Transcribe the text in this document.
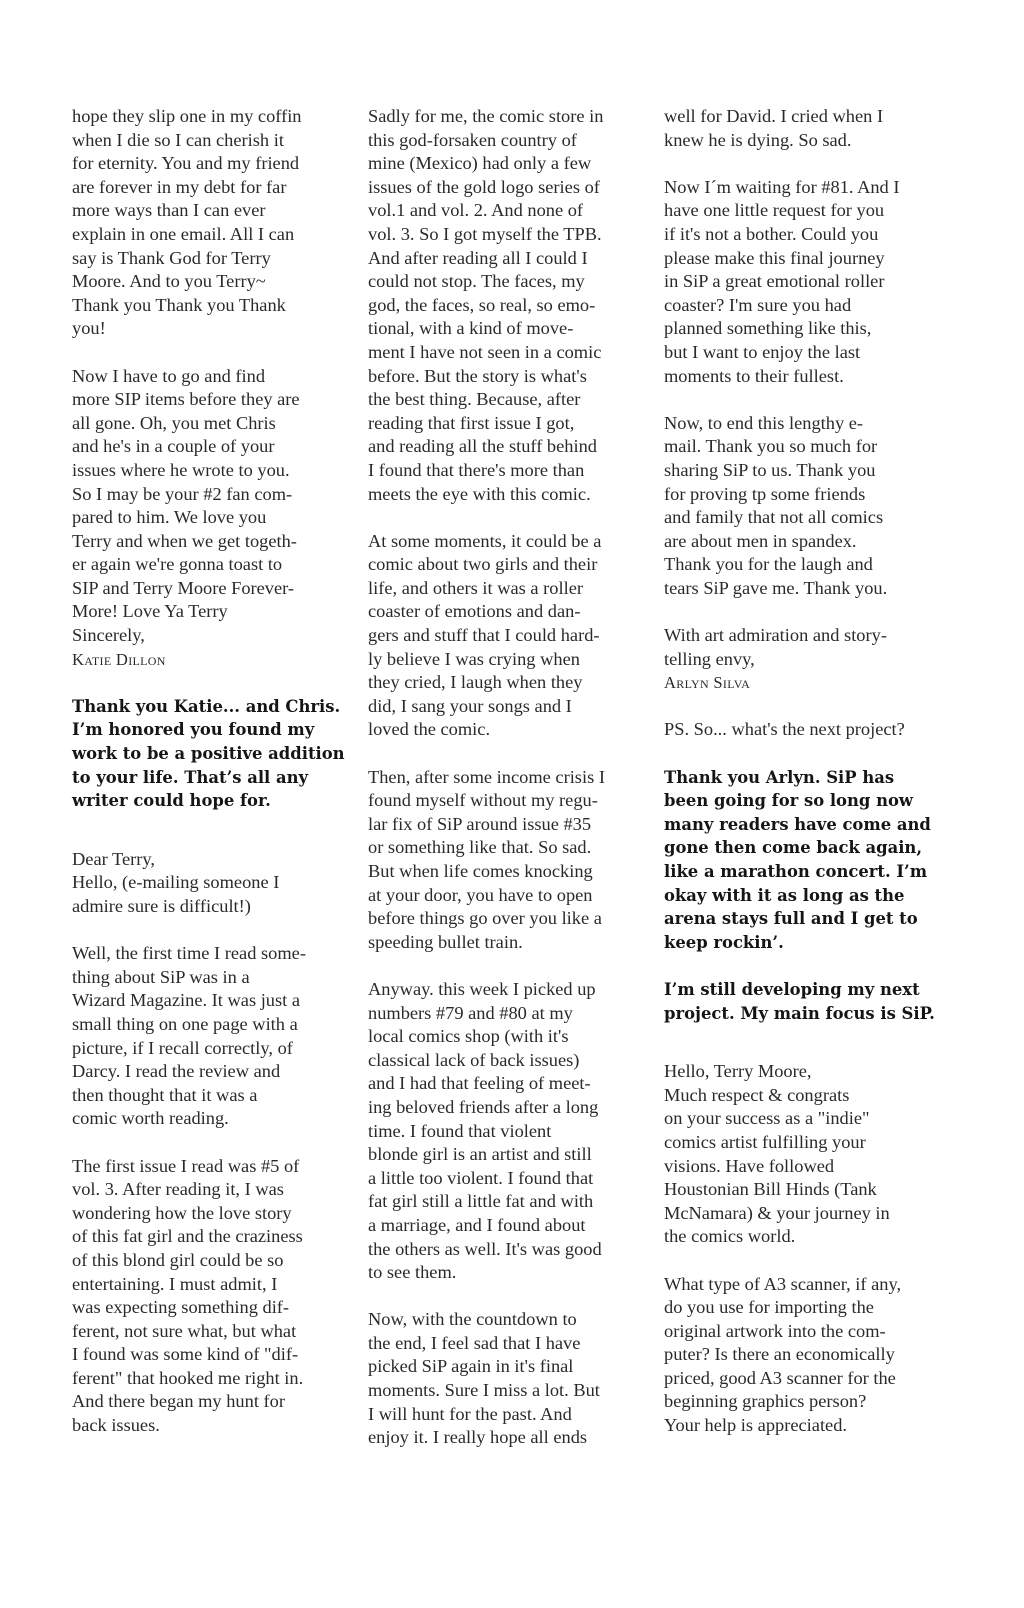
hope they slip one in my coffin
when I die so I can cherish it
for eternity. You and my friend
are forever in my debt for far
more ways than I can ever
explain in one email. All I can
say is Thank God for Terry
Moore. And to you Terry~
Thank you Thank you Thank
you!
Now I have to go and find
more SIP items before they are
all gone. Oh, you met Chris
and he's in a couple of your
issues where he wrote to you.
So I may be your #2 fan com-
pared to him. We love you
Terry and when we get togeth-
er again we're gonna toast to
SIP and Terry Moore Forever-
More! Love Ya Terry
Sincerely,
Katie Dillon
Thank you Katie... and Chris.
I’m honored you found my
work to be a positive addition
to your life. That’s all any
writer could hope for.
Dear Terry,
Hello, (e-mailing someone I
admire sure is difficult!)
Well, the first time I read some-
thing about SiP was in a
Wizard Magazine. It was just a
small thing on one page with a
picture, if I recall correctly, of
Darcy. I read the review and
then thought that it was a
comic worth reading.
The first issue I read was #5 of
vol. 3. After reading it, I was
wondering how the love story
of this fat girl and the craziness
of this blond girl could be so
entertaining. I must admit, I
was expecting something dif-
ferent, not sure what, but what
I found was some kind of "dif-
ferent" that hooked me right in.
And there began my hunt for
back issues.
Sadly for me, the comic store in
this god-forsaken country of
mine (Mexico) had only a few
issues of the gold logo series of
vol.1 and vol. 2. And none of
vol. 3. So I got myself the TPB.
And after reading all I could I
could not stop. The faces, my
god, the faces, so real, so emo-
tional, with a kind of move-
ment I have not seen in a comic
before. But the story is what's
the best thing. Because, after
reading that first issue I got,
and reading all the stuff behind
I found that there's more than
meets the eye with this comic.
At some moments, it could be a
comic about two girls and their
life, and others it was a roller
coaster of emotions and dan-
gers and stuff that I could hard-
ly believe I was crying when
they cried, I laugh when they
did, I sang your songs and I
loved the comic.
Then, after some income crisis I
found myself without my regu-
lar fix of SiP around issue #35
or something like that. So sad.
But when life comes knocking
at your door, you have to open
before things go over you like a
speeding bullet train.
Anyway. this week I picked up
numbers #79 and #80 at my
local comics shop (with it's
classical lack of back issues)
and I had that feeling of meet-
ing beloved friends after a long
time. I found that violent
blonde girl is an artist and still
a little too violent. I found that
fat girl still a little fat and with
a marriage, and I found about
the others as well. It's was good
to see them.
Now, with the countdown to
the end, I feel sad that I have
picked SiP again in it's final
moments. Sure I miss a lot. But
I will hunt for the past. And
enjoy it. I really hope all ends
well for David. I cried when I
knew he is dying. So sad.
Now I´m waiting for #81. And I
have one little request for you
if it's not a bother. Could you
please make this final journey
in SiP a great emotional roller
coaster? I'm sure you had
planned something like this,
but I want to enjoy the last
moments to their fullest.
Now, to end this lengthy e-
mail. Thank you so much for
sharing SiP to us. Thank you
for proving tp some friends
and family that not all comics
are about men in spandex.
Thank you for the laugh and
tears SiP gave me. Thank you.
With art admiration and story-
telling envy,
Arlyn Silva
PS. So... what's the next project?
Thank you Arlyn. SiP has
been going for so long now
many readers have come and
gone then come back again,
like a marathon concert. I’m
okay with it as long as the
arena stays full and I get to
keep rockin’.
I’m still developing my next
project. My main focus is SiP.
Hello, Terry Moore,
Much respect & congrats
on your success as a "indie"
comics artist fulfilling your
visions. Have followed
Houstonian Bill Hinds (Tank
McNamara) & your journey in
the comics world.
What type of A3 scanner, if any,
do you use for importing the
original artwork into the com-
puter? Is there an economically
priced, good A3 scanner for the
beginning graphics person?
Your help is appreciated.
